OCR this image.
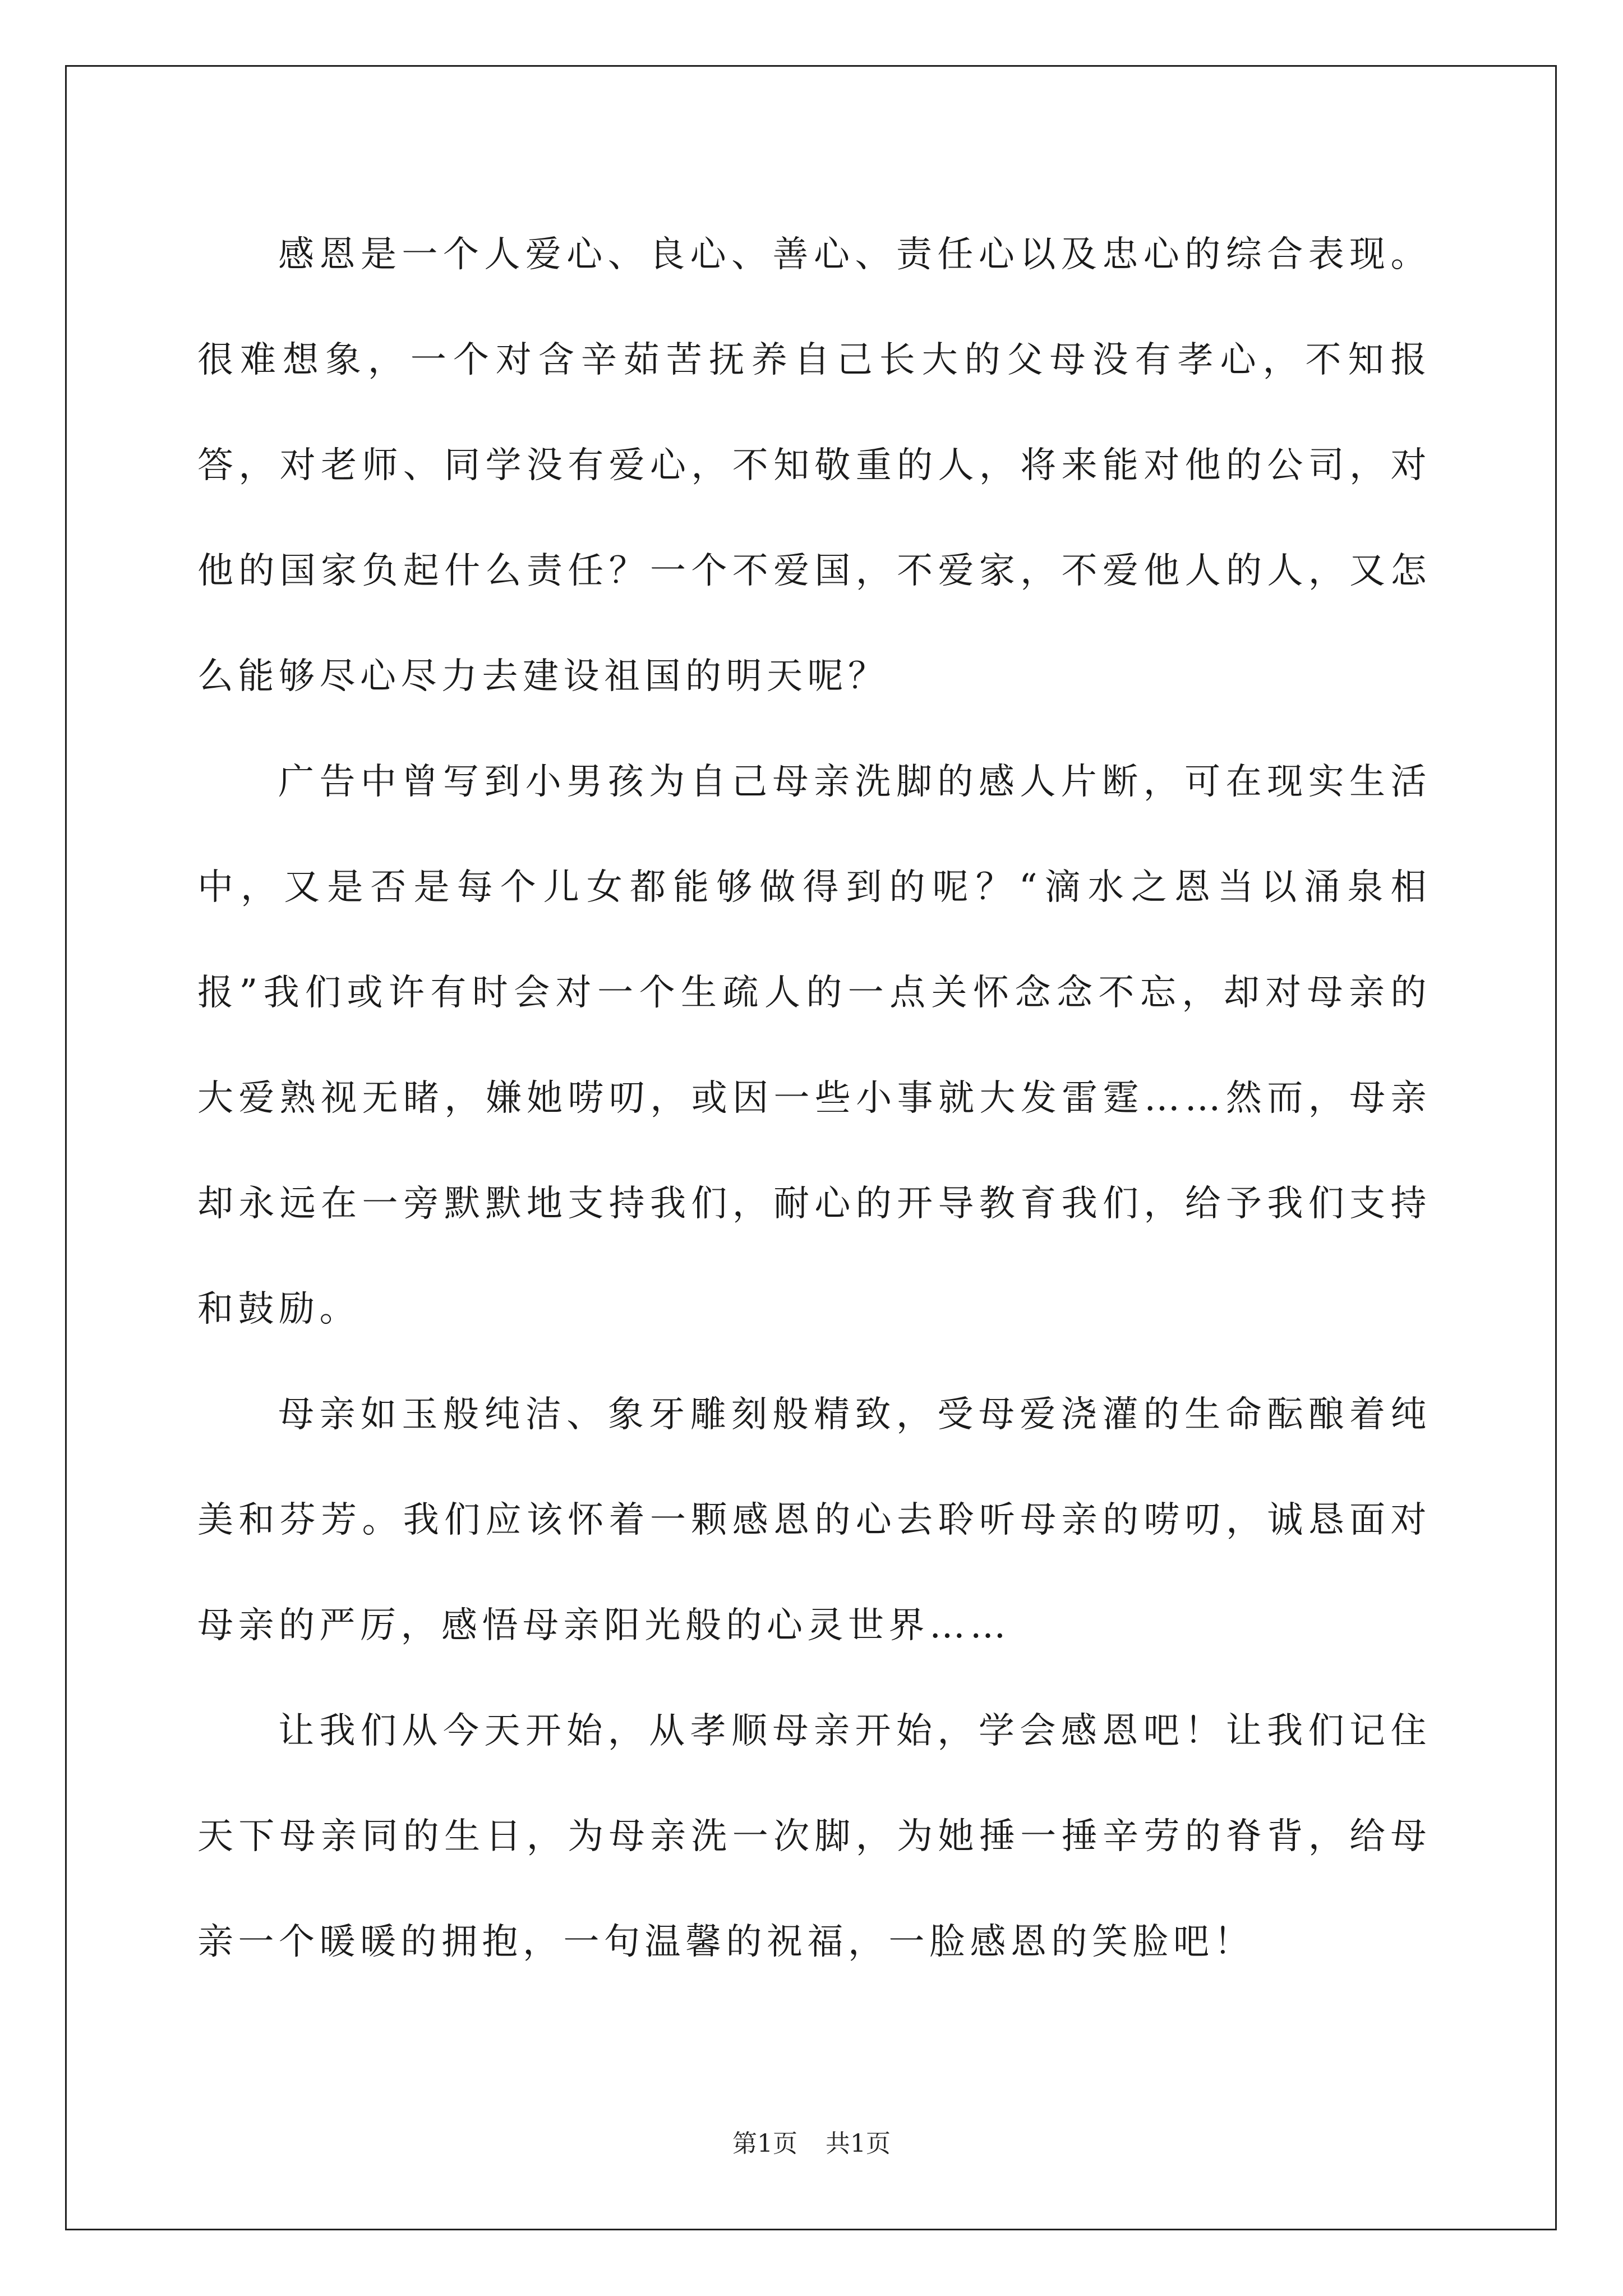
感恩是一个人爱心、良心、善心、责任心以及忠心的综合表现。很难想象，一个对含辛茹苦抚养自己长大的父母没有孝心，不知报答，对老师、同学没有爱心，不知敬重的人，将来能对他的公司，对他的国家负起什么责任？一个不爱国，不爱家，不爱他人的人，又怎么能够尽心尽力去建设祖国的明天呢？

广告中曾写到小男孩为自己母亲洗脚的感人片断，可在现实生活中，又是否是每个儿女都能够做得到的呢？“滴水之恩当以涌泉相报”我们或许有时会对一个生疏人的一点关怀念念不忘，却对母亲的大爱熟视无睹，嫌她唠叨，或因一些小事就大发雷霆……然而，母亲却永远在一旁默默地支持我们，耐心的开导教育我们，给予我们支持和鼓励。

母亲如玉般纯洁、象牙雕刻般精致，受母爱浇灌的生命酝酿着纯美和芬芳。我们应该怀着一颗感恩的心去聆听母亲的唠叨，诚恳面对母亲的严厉，感悟母亲阳光般的心灵世界……

让我们从今天开始，从孝顺母亲开始，学会感恩吧！让我们记住天下母亲同的生日，为母亲洗一次脚，为她捶一捶辛劳的脊背，给母亲一个暖暖的拥抱，一句温馨的祝福，一脸感恩的笑脸吧！

第1页 共1页
